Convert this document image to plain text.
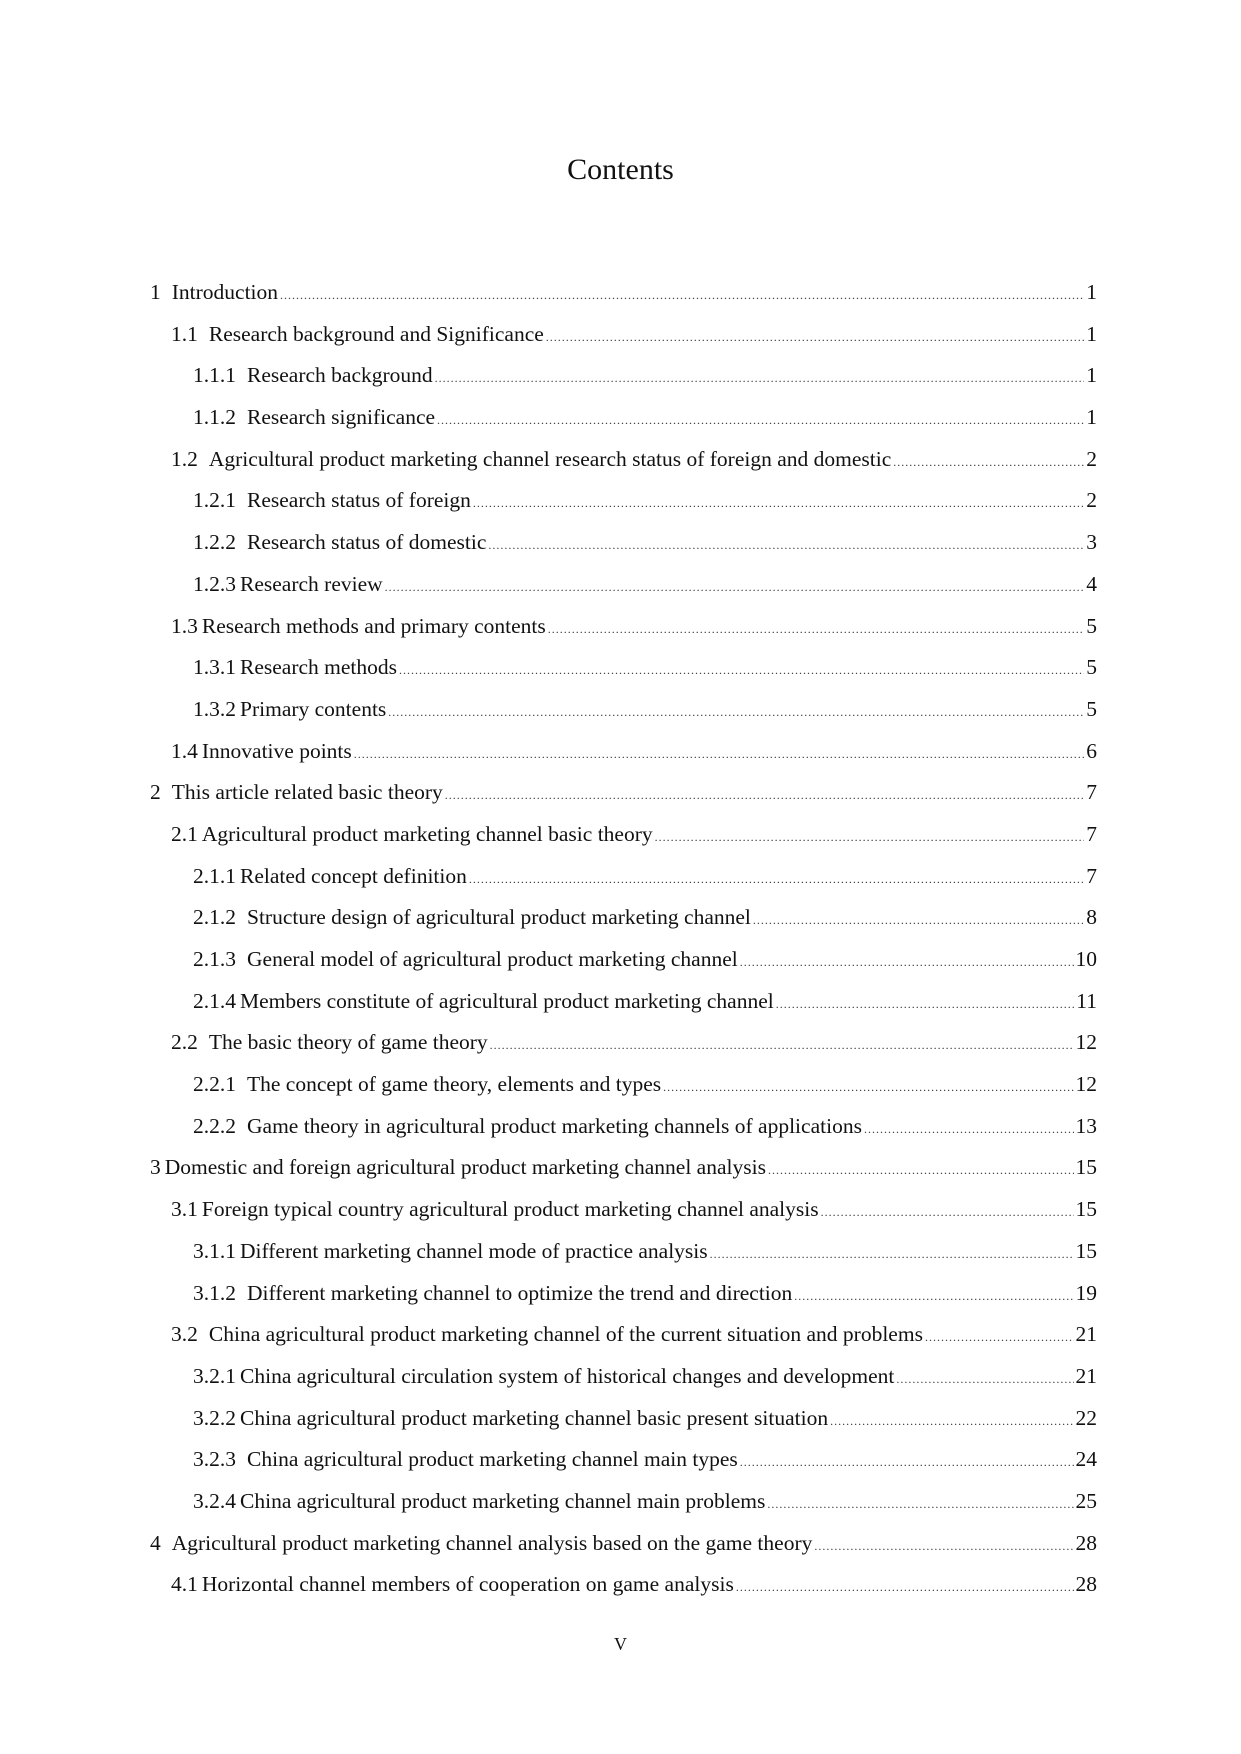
Contents
1 Introduction .....	1
1.1 Research background and Significance .....	1
1.1.1 Research background .....	1
1.1.2 Research significance .....	1
1.2 Agricultural product marketing channel research status of foreign and domestic .....	2
1.2.1 Research status of foreign .....	2
1.2.2 Research status of domestic .....	3
1.2.3 Research review .....	4
1.3 Research methods and primary contents .....	5
1.3.1 Research methods .....	5
1.3.2 Primary contents .....	5
1.4 Innovative points .....	6
2 This article related basic theory .....	7
2.1 Agricultural product marketing channel basic theory .....	7
2.1.1 Related concept definition .....	7
2.1.2 Structure design of agricultural product marketing channel .....	8
2.1.3 General model of agricultural product marketing channel .....	10
2.1.4 Members constitute of agricultural product marketing channel .....	11
2.2 The basic theory of game theory .....	12
2.2.1 The concept of game theory, elements and types .....	12
2.2.2 Game theory in agricultural product marketing channels of applications .....	13
3 Domestic and foreign agricultural product marketing channel analysis .....	15
3.1 Foreign typical country agricultural product marketing channel analysis .....	15
3.1.1 Different marketing channel mode of practice analysis .....	15
3.1.2 Different marketing channel to optimize the trend and direction .....	19
3.2 China agricultural product marketing channel of the current situation and problems .....	21
3.2.1 China agricultural circulation system of historical changes and development .....	21
3.2.2 China agricultural product marketing channel basic present situation .....	22
3.2.3 China agricultural product marketing channel main types .....	24
3.2.4 China agricultural product marketing channel main problems .....	25
4 Agricultural product marketing channel analysis based on the game theory .....	28
4.1 Horizontal channel members of cooperation on game analysis .....	28
V
